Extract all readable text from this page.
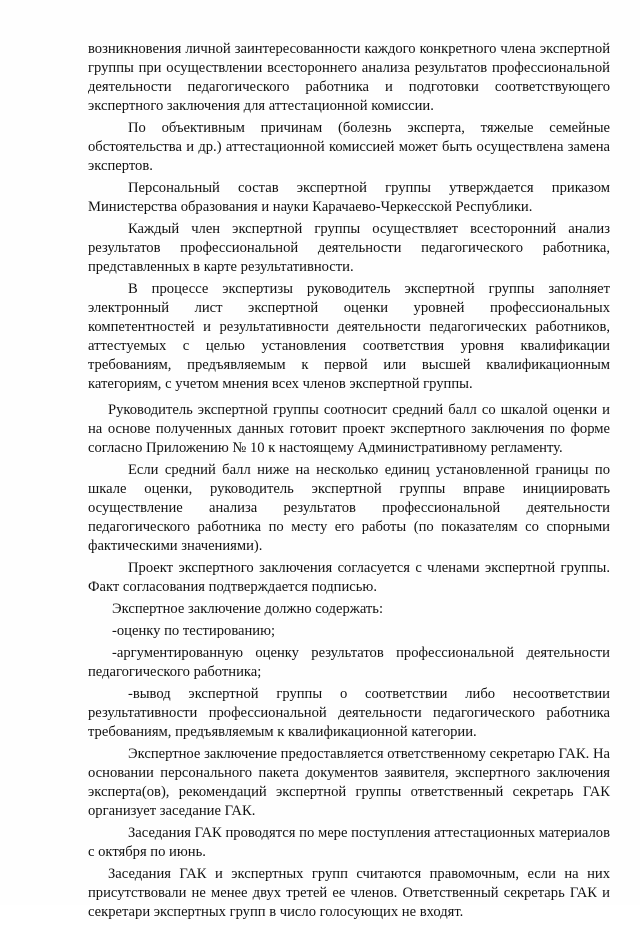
возникновения личной заинтересованности каждого конкретного члена экспертной группы при осуществлении всестороннего анализа результатов профессиональной деятельности педагогического работника и подготовки соответствующего экспертного заключения для аттестационной комиссии.

По объективным причинам (болезнь эксперта, тяжелые семейные обстоятельства и др.) аттестационной комиссией может быть осуществлена замена экспертов.

Персональный состав экспертной группы утверждается приказом Министерства образования и науки Карачаево-Черкесской Республики.

Каждый член экспертной группы осуществляет всесторонний анализ результатов профессиональной деятельности педагогического работника, представленных в карте результативности.

В процессе экспертизы руководитель экспертной группы заполняет электронный лист экспертной оценки уровней профессиональных компетентностей и результативности деятельности педагогических работников, аттестуемых с целью установления соответствия уровня квалификации требованиям, предъявляемым к первой или высшей квалификационным категориям, с учетом мнения всех членов экспертной группы.

Руководитель экспертной группы соотносит средний балл со шкалой оценки и на основе полученных данных готовит проект экспертного заключения по форме согласно Приложению № 10 к настоящему Административному регламенту.

Если средний балл ниже на несколько единиц установленной границы по шкале оценки, руководитель экспертной группы вправе инициировать осуществление анализа результатов профессиональной деятельности педагогического работника по месту его работы (по показателям со спорными фактическими значениями).

Проект экспертного заключения согласуется с членами экспертной группы. Факт согласования подтверждается подписью.

Экспертное заключение должно содержать:

-оценку по тестированию;

-аргументированную оценку результатов профессиональной деятельности педагогического работника;

-вывод экспертной группы о соответствии либо несоответствии результативности профессиональной деятельности педагогического работника требованиям, предъявляемым к квалификационной категории.

Экспертное заключение предоставляется ответственному секретарю ГАК. На основании персонального пакета документов заявителя, экспертного заключения эксперта(ов), рекомендаций экспертной группы ответственный секретарь ГАК организует заседание ГАК.

Заседания ГАК проводятся по мере поступления аттестационных материалов с октября по июнь.

Заседания ГАК и экспертных групп считаются правомочным, если на них присутствовали не менее двух третей ее членов. Ответственный секретарь ГАК и секретари экспертных групп в число голосующих не входят.
